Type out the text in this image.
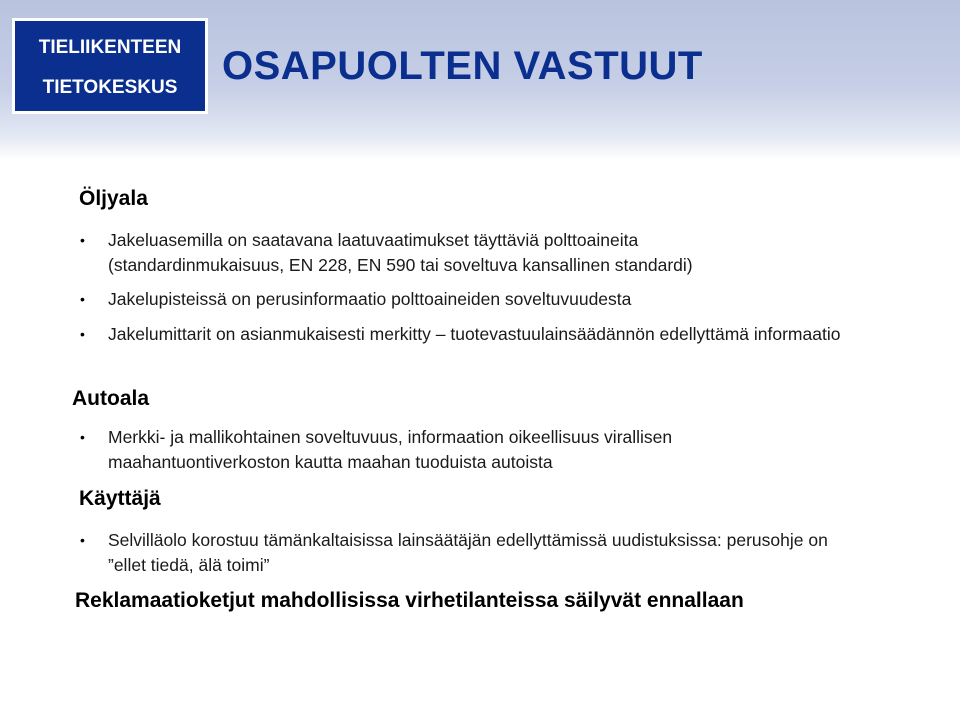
TIELIIKENTEEN
TIETOKESKUS	OSAPUOLTEN VASTUUT
Öljyala
• Jakeluasemilla on saatavana laatuvaatimukset täyttäviä polttoaineita (standardinmukaisuus, EN 228, EN 590 tai soveltuva kansallinen standardi)
• Jakelupisteissä on perusinformaatio polttoaineiden soveltuvuudesta
• Jakelumittarit on asianmukaisesti merkitty – tuotevastuulainsäädännön edellyttämä informaatio
Autoala
• Merkki- ja mallikohtainen soveltuvuus, informaation oikeellisuus virallisen maahantuontiverkoston kautta maahan tuoduista autoista
Käyttäjä
• Selvilläolo korostuu tämänkaltaisissa lainsäätäjän edellyttämissä uudistuksissa: perusohje on ”ellet tiedä, älä toimi”
Reklamaatioketjut mahdollisissa virhetilanteissa säilyvät ennallaan
